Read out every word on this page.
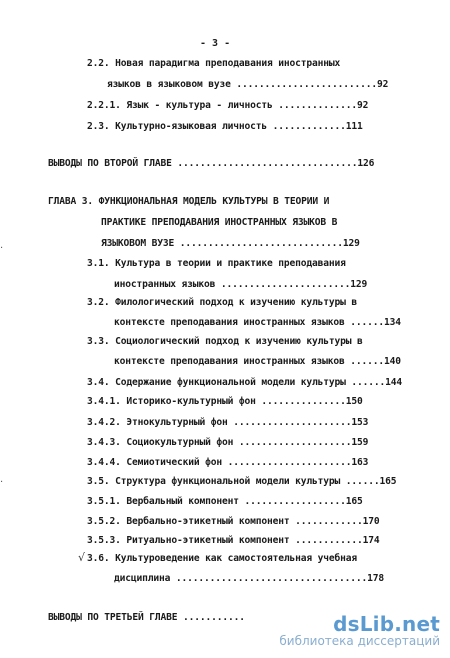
- 3 -
2.2. Новая парадигма преподавания иностранных
языков в языковом вузе .........................92
2.2.1. Язык - культура - личность ..............92
2.3. Культурно-языковая личность .............111
ВЫВОДЫ ПО ВТОРОЙ ГЛАВЕ ................................126
ГЛАВА 3. ФУНКЦИОНАЛЬНАЯ МОДЕЛЬ КУЛЬТУРЫ В ТЕОРИИ И
ПРАКТИКЕ ПРЕПОДАВАНИЯ ИНОСТРАННЫХ ЯЗЫКОВ В
ЯЗЫКОВОМ ВУЗЕ .............................129
3.1. Культура в теории и практике преподавания
иностранных языков .......................129
3.2. Филологический подход к изучению культуры в
контексте преподавания иностранных языков ......134
3.3. Социологический подход к изучению культуры в
контексте преподавания иностранных языков ......140
3.4. Содержание функциональной модели культуры ......144
3.4.1. Историко-культурный фон ...............150
3.4.2. Этнокультурный фон .....................153
3.4.3. Социокультурный фон ....................159
3.4.4. Семиотический фон ......................163
3.5. Структура функциональной модели культуры ......165
3.5.1. Вербальный компонент ..................165
3.5.2. Вербально-этикетный компонент ............170
3.5.3. Ритуально-этикетный компонент ............174
√ 3.6. Культуроведение как самостоятельная учебная
дисциплина ..................................178
ВЫВОДЫ ПО ТРЕТЬЕЙ ГЛАВЕ ...........
·
·
dsLib.net
библиотека диссертаций
